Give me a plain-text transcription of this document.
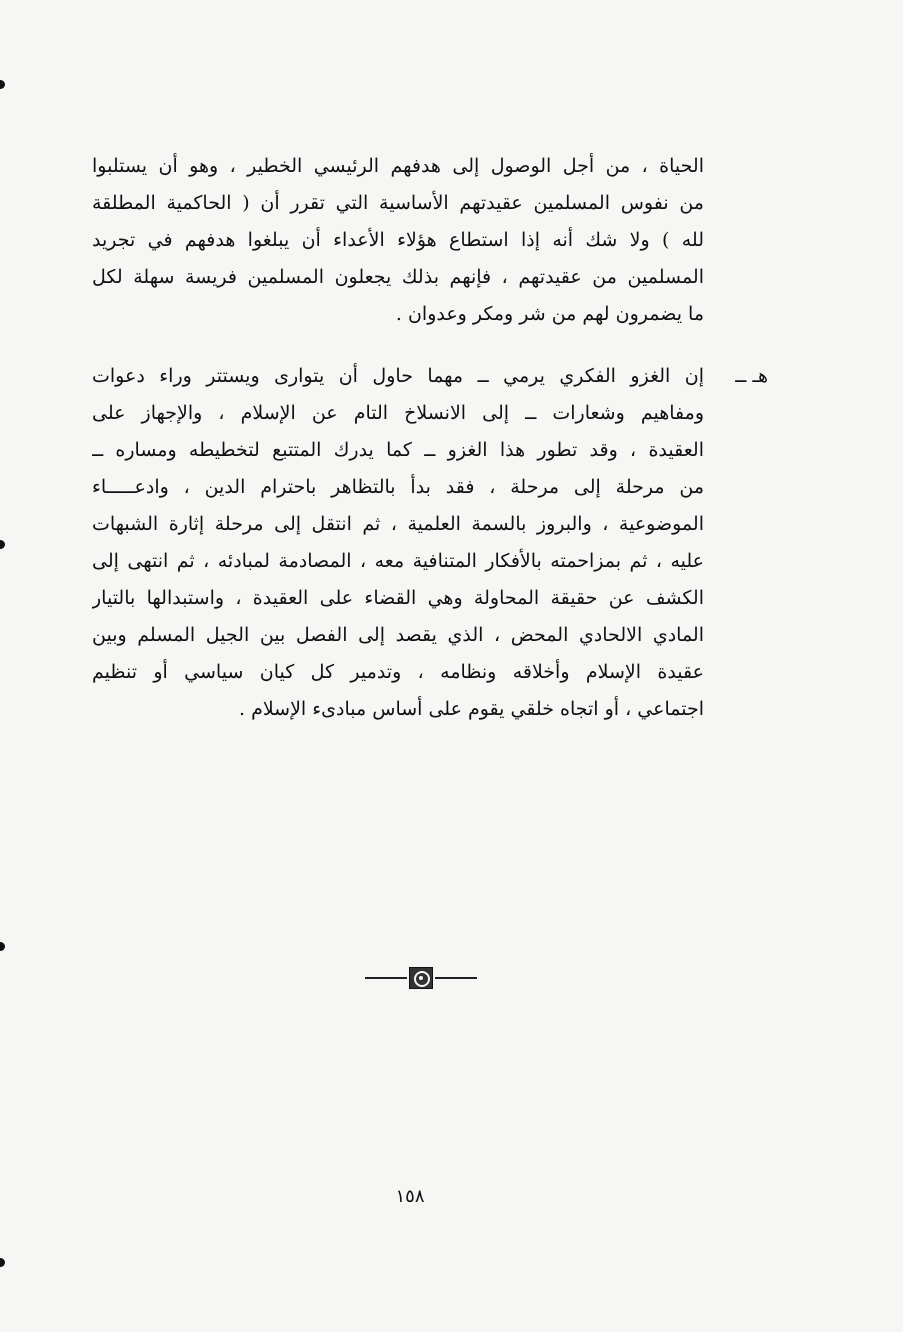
الحياة ، من أجل الوصول إلى هدفهم الرئيسي الخطير ، وهو أن يستلبوا
من نفوس المسلمين عقيدتهم الأساسية التي تقرر أن ( الحاكمية المطلقة
لله ) ولا شك أنه إذا استطاع هؤلاء الأعداء أن يبلغوا هدفهم في تجريد
المسلمين من عقيدتهم ، فإنهم بذلك يجعلون المسلمين فريسة سهلة لكل
ما يضمرون لهم من شر ومكر وعدوان .
هـ ــ
إن الغزو الفكري يرمي ــ مهما حاول أن يتوارى ويستتر وراء دعوات
ومفاهيم وشعارات ــ إلى الانسلاخ التام عن الإسلام ، والإجهاز على
العقيدة ، وقد تطور هذا الغزو ــ كما يدرك المتتبع لتخطيطه ومساره ــ
من مرحلة إلى مرحلة ، فقد بدأ بالتظاهر باحترام الدين ، وادعـــــاء
الموضوعية ، والبروز بالسمة العلمية ، ثم انتقل إلى مرحلة إثارة الشبهات
عليه ، ثم بمزاحمته بالأفكار المتنافية معه ، المصادمة لمبادئه ، ثم انتهى إلى
الكشف عن حقيقة المحاولة وهي القضاء على العقيدة ، واستبدالها بالتيار
المادي الالحادي المحض ، الذي يقصد إلى الفصل بين الجيل المسلم وبين
عقيدة الإسلام وأخلاقه ونظامه ، وتدمير كل كيان سياسي أو تنظيم
اجتماعي ، أو اتجاه خلقي يقوم على أساس مبادىء الإسلام .
١٥٨
